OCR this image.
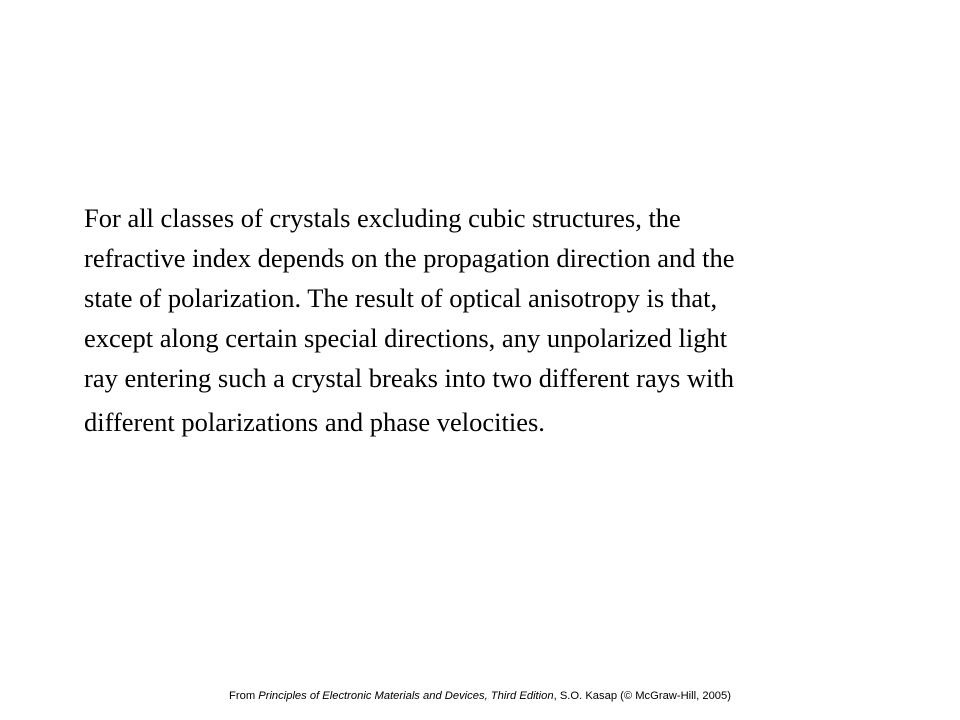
For all classes of crystals excluding cubic structures, the
refractive index depends on the propagation direction and the
state of polarization. The result of optical anisotropy is that,
except along certain special directions, any unpolarized light
ray entering such a crystal breaks into two different rays with
different polarizations and phase velocities.

From Principles of Electronic Materials and Devices, Third Edition, S.O. Kasap (© McGraw-Hill, 2005)
